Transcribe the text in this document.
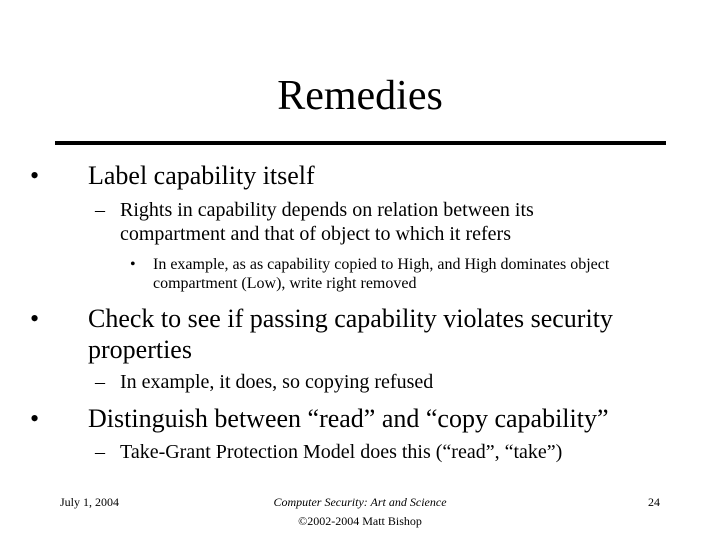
Remedies
• Label capability itself
– Rights in capability depends on relation between its compartment and that of object to which it refers
• In example, as as capability copied to High, and High dominates object compartment (Low), write right removed
• Check to see if passing capability violates security properties
– In example, it does, so copying refused
• Distinguish between “read” and “copy capability”
– Take-Grant Protection Model does this (“read”, “take”)
July 1, 2004	Computer Security: Art and Science
©2002-2004 Matt Bishop
24
